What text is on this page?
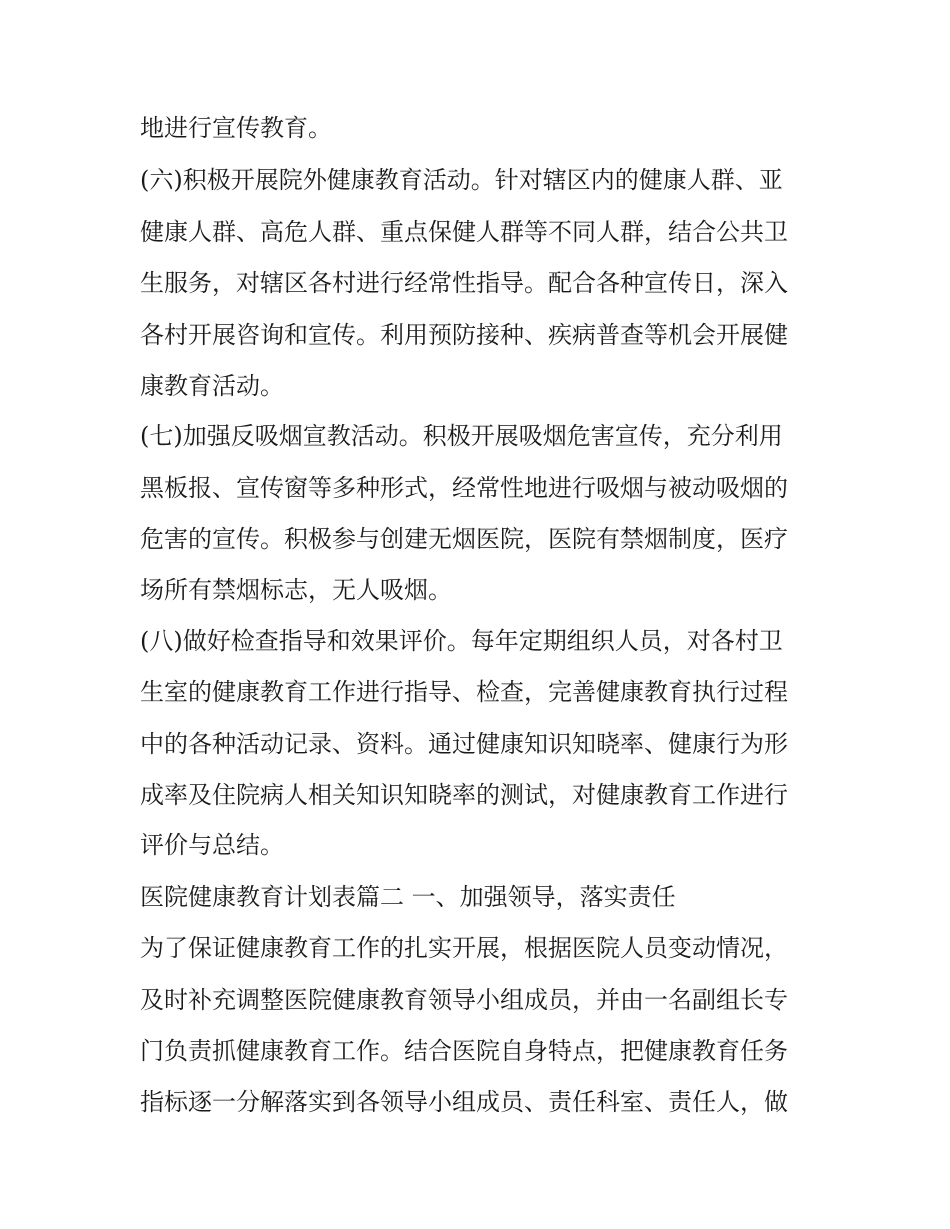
地进行宣传教育。

(六)积极开展院外健康教育活动。针对辖区内的健康人群、亚

健康人群、高危人群、重点保健人群等不同人群，结合公共卫

生服务，对辖区各村进行经常性指导。配合各种宣传日，深入

各村开展咨询和宣传。利用预防接种、疾病普查等机会开展健

康教育活动。

(七)加强反吸烟宣教活动。积极开展吸烟危害宣传，充分利用

黑板报、宣传窗等多种形式，经常性地进行吸烟与被动吸烟的

危害的宣传。积极参与创建无烟医院，医院有禁烟制度，医疗

场所有禁烟标志，无人吸烟。

(八)做好检查指导和效果评价。每年定期组织人员，对各村卫

生室的健康教育工作进行指导、检查，完善健康教育执行过程

中的各种活动记录、资料。通过健康知识知晓率、健康行为形

成率及住院病人相关知识知晓率的测试，对健康教育工作进行

评价与总结。

医院健康教育计划表篇二 一、加强领导，落实责任

为了保证健康教育工作的扎实开展，根据医院人员变动情况，

及时补充调整医院健康教育领导小组成员，并由一名副组长专

门负责抓健康教育工作。结合医院自身特点，把健康教育任务

指标逐一分解落实到各领导小组成员、责任科室、责任人，做
